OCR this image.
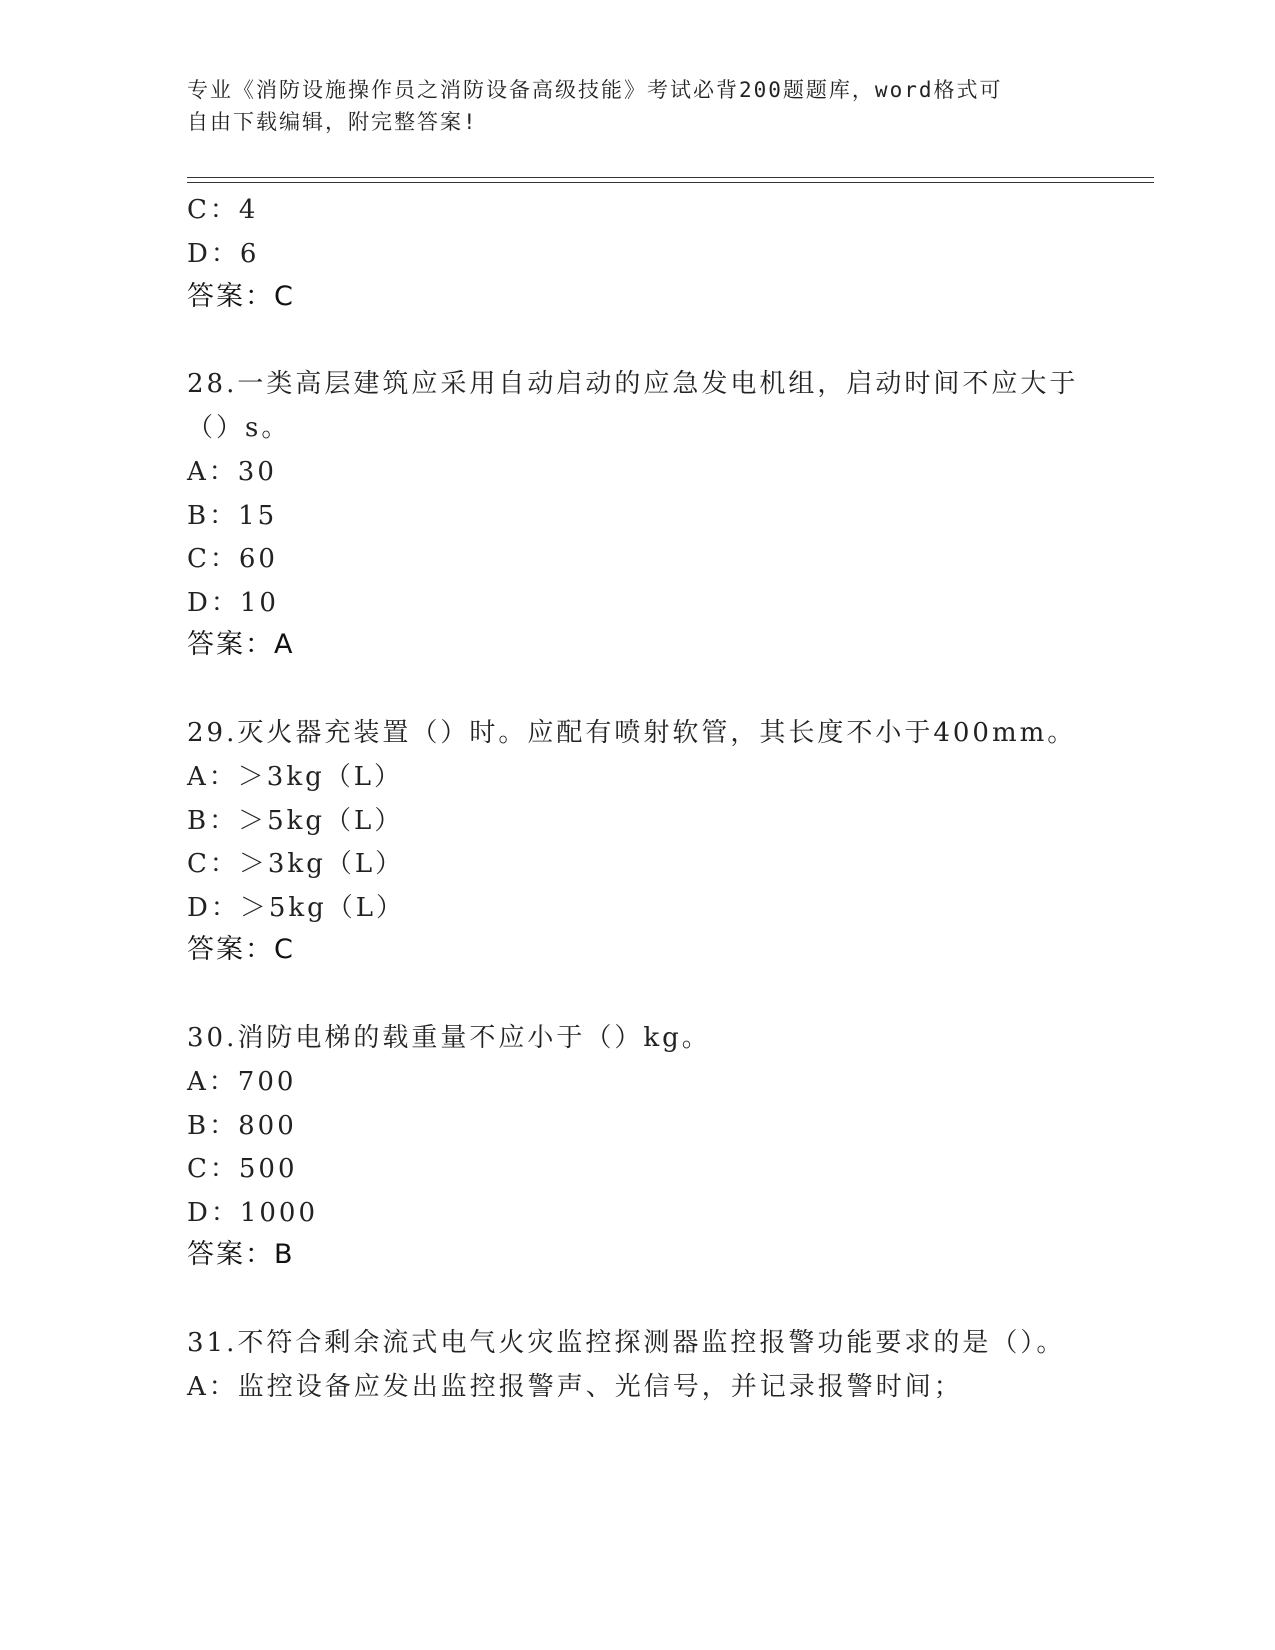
专业《消防设施操作员之消防设备高级技能》考试必背200题题库，word格式可
自由下载编辑，附完整答案!
C：4
D：6
答案：C
28.一类高层建筑应采用自动启动的应急发电机组，启动时间不应大于
（）s。
A：30
B：15
C：60
D：10
答案：A
29.灭火器充装置（）时。应配有喷射软管，其长度不小于400mm。
A：＞3kg（L）
B：＞5kg（L）
C：＞3kg（L）
D：＞5kg（L）
答案：C
30.消防电梯的载重量不应小于（）kg。
A：700
B：800
C：500
D：1000
答案：B
31.不符合剩余流式电气火灾监控探测器监控报警功能要求的是（）。
A：监控设备应发出监控报警声、光信号，并记录报警时间；
